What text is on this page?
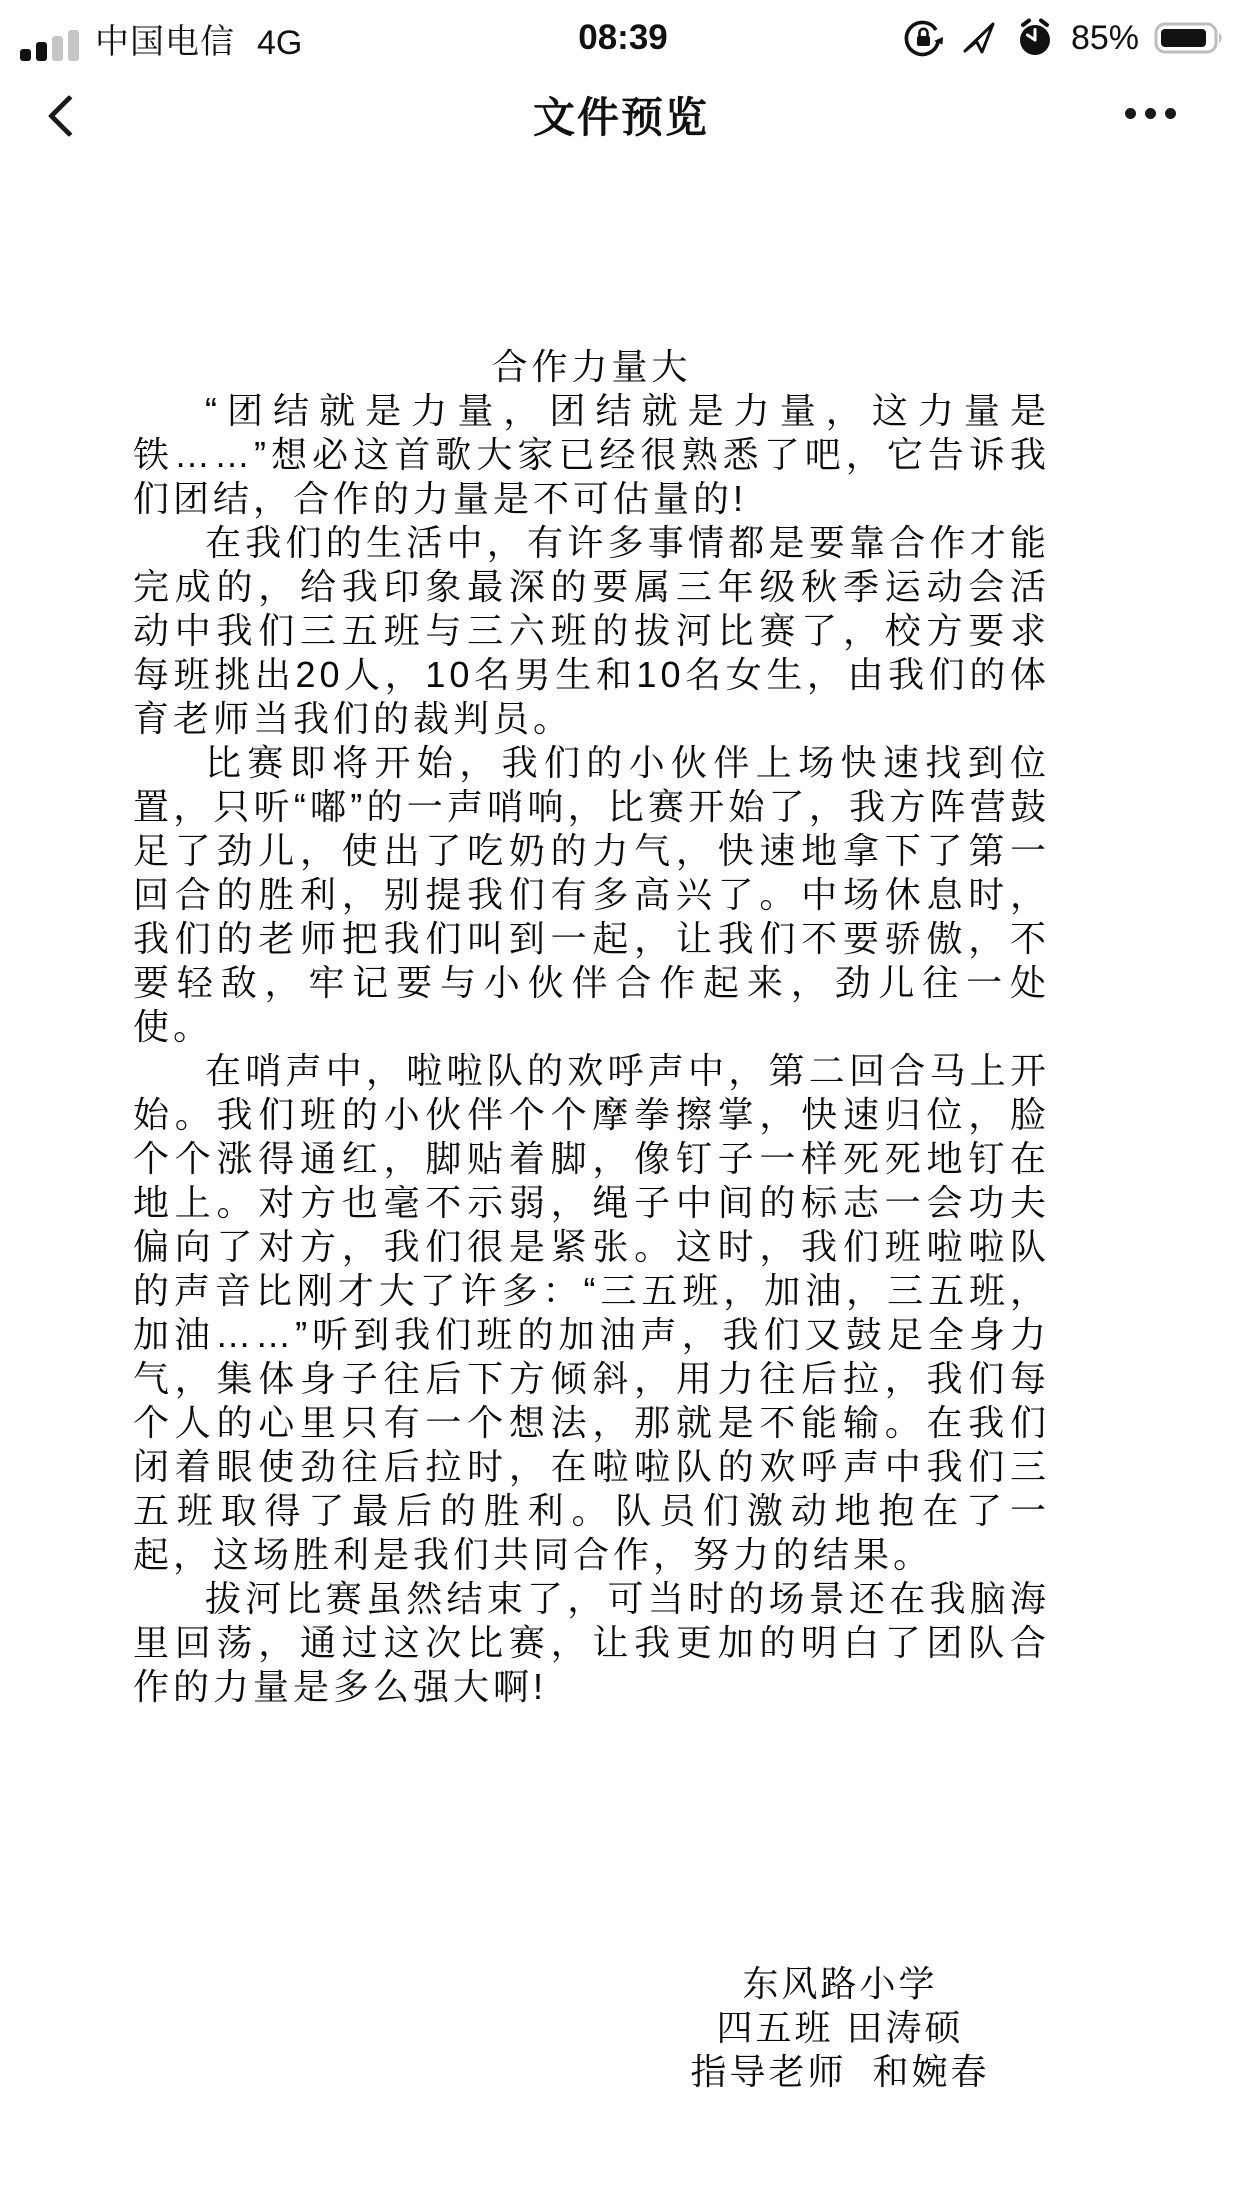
中国电信 4G	08:39	85%
文件预览
合作力量大

“团结就是力量，团结就是力量，这力量是铁……”想必这首歌大家已经很熟悉了吧，它告诉我们团结，合作的力量是不可估量的!

在我们的生活中，有许多事情都是要靠合作才能完成的，给我印象最深的要属三年级秋季运动会活动中我们三五班与三六班的拔河比赛了，校方要求每班挑出20人，10名男生和10名女生，由我们的体育老师当我们的裁判员。

比赛即将开始，我们的小伙伴上场快速找到位置，只听“嘟”的一声哨响，比赛开始了，我方阵营鼓足了劲儿，使出了吃奶的力气，快速地拿下了第一回合的胜利，别提我们有多高兴了。中场休息时，我们的老师把我们叫到一起，让我们不要骄傲，不要轻敌，牢记要与小伙伴合作起来，劲儿往一处使。

在哨声中，啦啦队的欢呼声中，第二回合马上开始。我们班的小伙伴个个摩拳擦掌，快速归位，脸个个涨得通红，脚贴着脚，像钉子一样死死地钉在地上。对方也毫不示弱，绳子中间的标志一会功夫偏向了对方，我们很是紧张。这时，我们班啦啦队的声音比刚才大了许多：“三五班，加油，三五班，加油……”听到我们班的加油声，我们又鼓足全身力气，集体身子往后下方倾斜，用力往后拉，我们每个人的心里只有一个想法，那就是不能输。在我们闭着眼使劲往后拉时，在啦啦队的欢呼声中我们三五班取得了最后的胜利。队员们激动地抱在了一起，这场胜利是我们共同合作，努力的结果。

拔河比赛虽然结束了，可当时的场景还在我脑海里回荡，通过这次比赛，让我更加的明白了团队合作的力量是多么强大啊!

东风路小学
四五班 田涛硕
指导老师  和婉春
